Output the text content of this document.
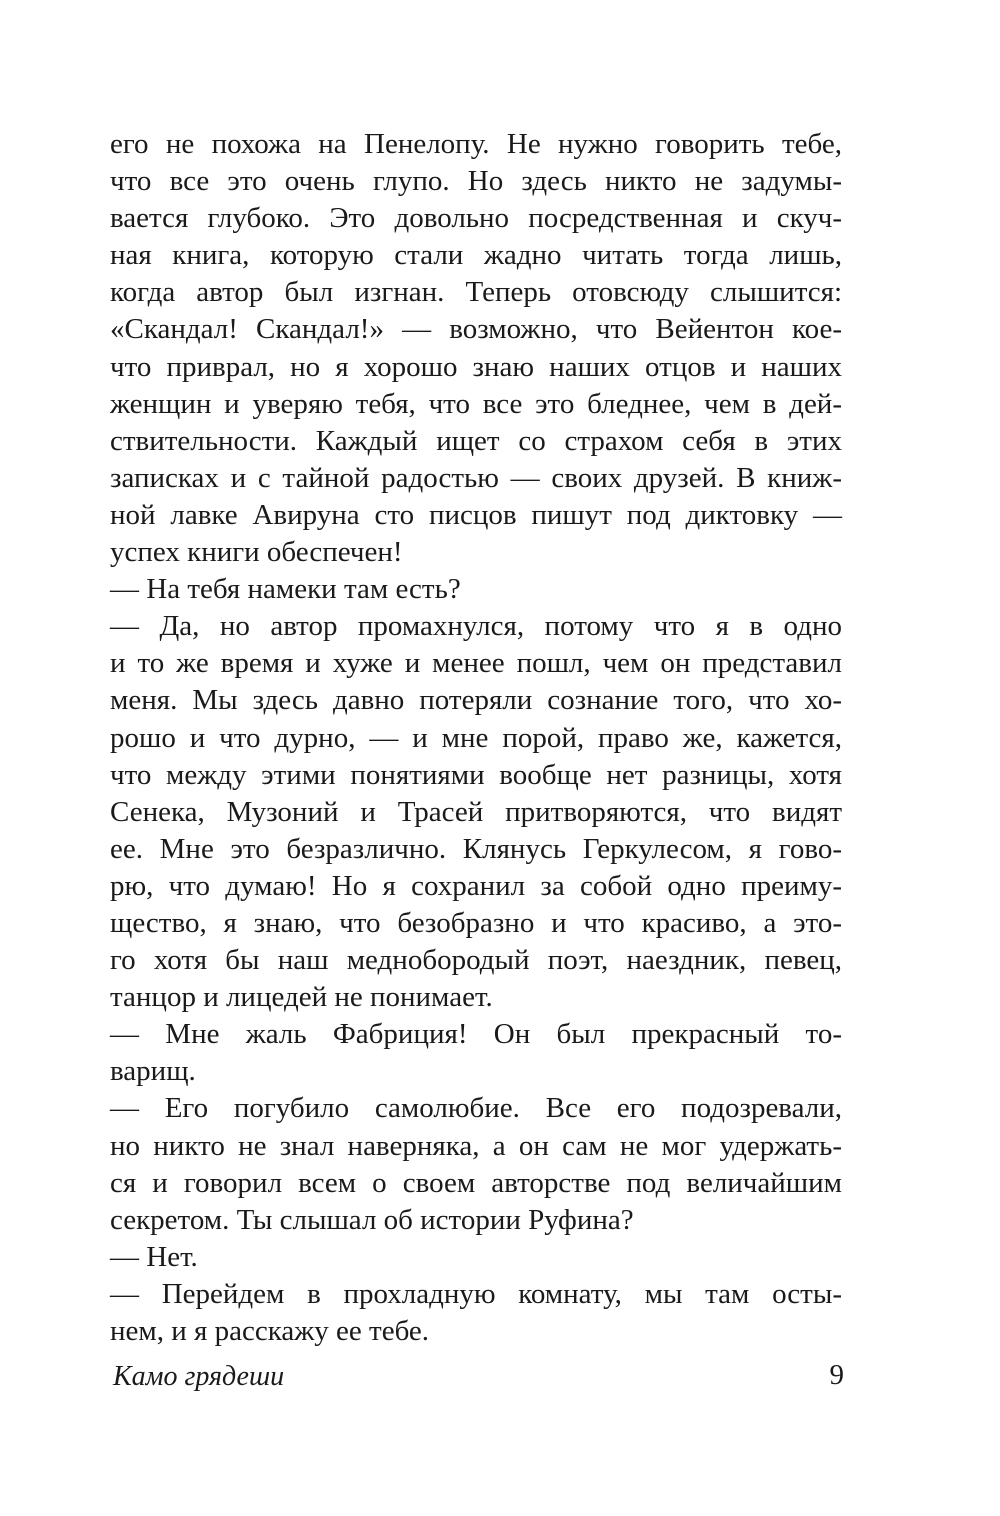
его не похожа на Пенелопу. Не нужно говорить тебе,
что все это очень глупо. Но здесь никто не задумы-
вается глубоко. Это довольно посредственная и скуч-
ная книга, которую стали жадно читать тогда лишь,
когда автор был изгнан. Теперь отовсюду слышится:
«Скандал! Скандал!» — возможно, что Вейентон кое-
что приврал, но я хорошо знаю наших отцов и наших
женщин и уверяю тебя, что все это бледнее, чем в дей-
ствительности. Каждый ищет со страхом себя в этих
записках и с тайной радостью — своих друзей. В книж-
ной лавке Авируна сто писцов пишут под диктовку —
успех книги обеспечен!
— На тебя намеки там есть?
— Да, но автор промахнулся, потому что я в одно
и то же время и хуже и менее пошл, чем он представил
меня. Мы здесь давно потеряли сознание того, что хо-
рошо и что дурно, — и мне порой, право же, кажется,
что между этими понятиями вообще нет разницы, хотя
Сенека, Музоний и Трасей притворяются, что видят
ее. Мне это безразлично. Клянусь Геркулесом, я гово-
рю, что думаю! Но я сохранил за собой одно преиму-
щество, я знаю, что безобразно и что красиво, а это-
го хотя бы наш меднобородый поэт, наездник, певец,
танцор и лицедей не понимает.
— Мне жаль Фабриция! Он был прекрасный то-
варищ.
— Его погубило самолюбие. Все его подозревали,
но никто не знал наверняка, а он сам не мог удержать-
ся и говорил всем о своем авторстве под величайшим
секретом. Ты слышал об истории Руфина?
— Нет.
— Перейдем в прохладную комнату, мы там осты-
нем, и я расскажу ее тебе.
Камо грядеши	9
